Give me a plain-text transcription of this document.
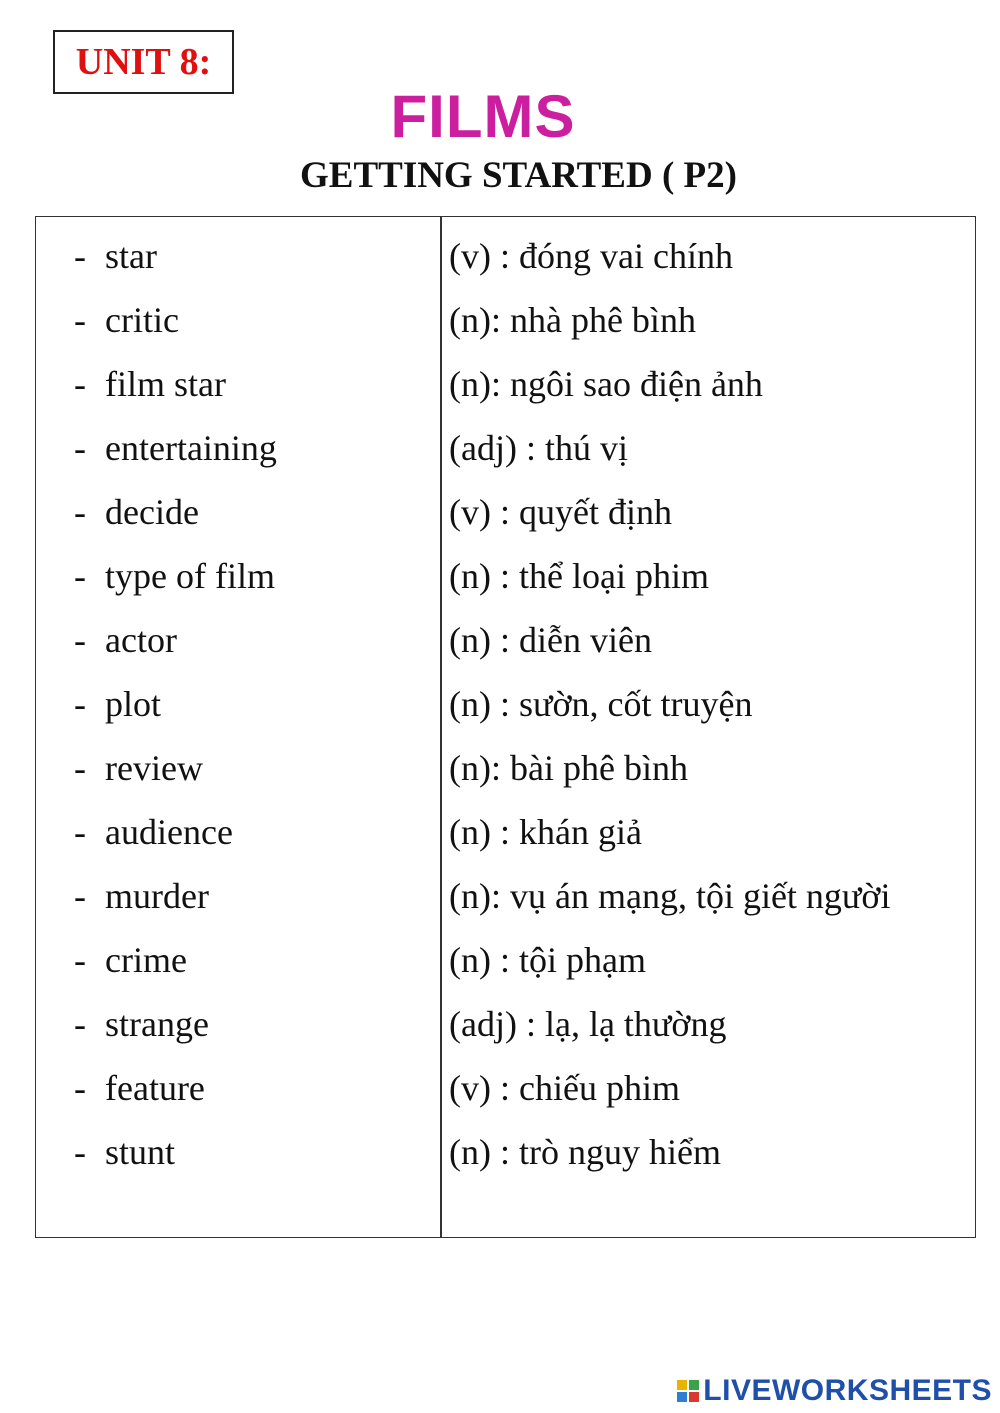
UNIT 8:
FILMS
GETTING STARTED ( P2)
- star
- critic
- film star
- entertaining
- decide
- type of film
- actor
- plot
- review
- audience
- murder
- crime
- strange
- feature
- stunt
(v) : đóng vai chính
(n): nhà phê bình
(n): ngôi sao điện ảnh
(adj) : thú vị
(v) : quyết định
(n) : thể loại phim
(n) : diễn viên
(n) : sườn, cốt truyện
(n): bài phê bình
(n) : khán giả
(n): vụ án mạng, tội giết người
(n) : tội phạm
(adj) : lạ, lạ thường
(v) : chiếu phim
(n) : trò nguy hiểm
LIVEWORKSHEETS
